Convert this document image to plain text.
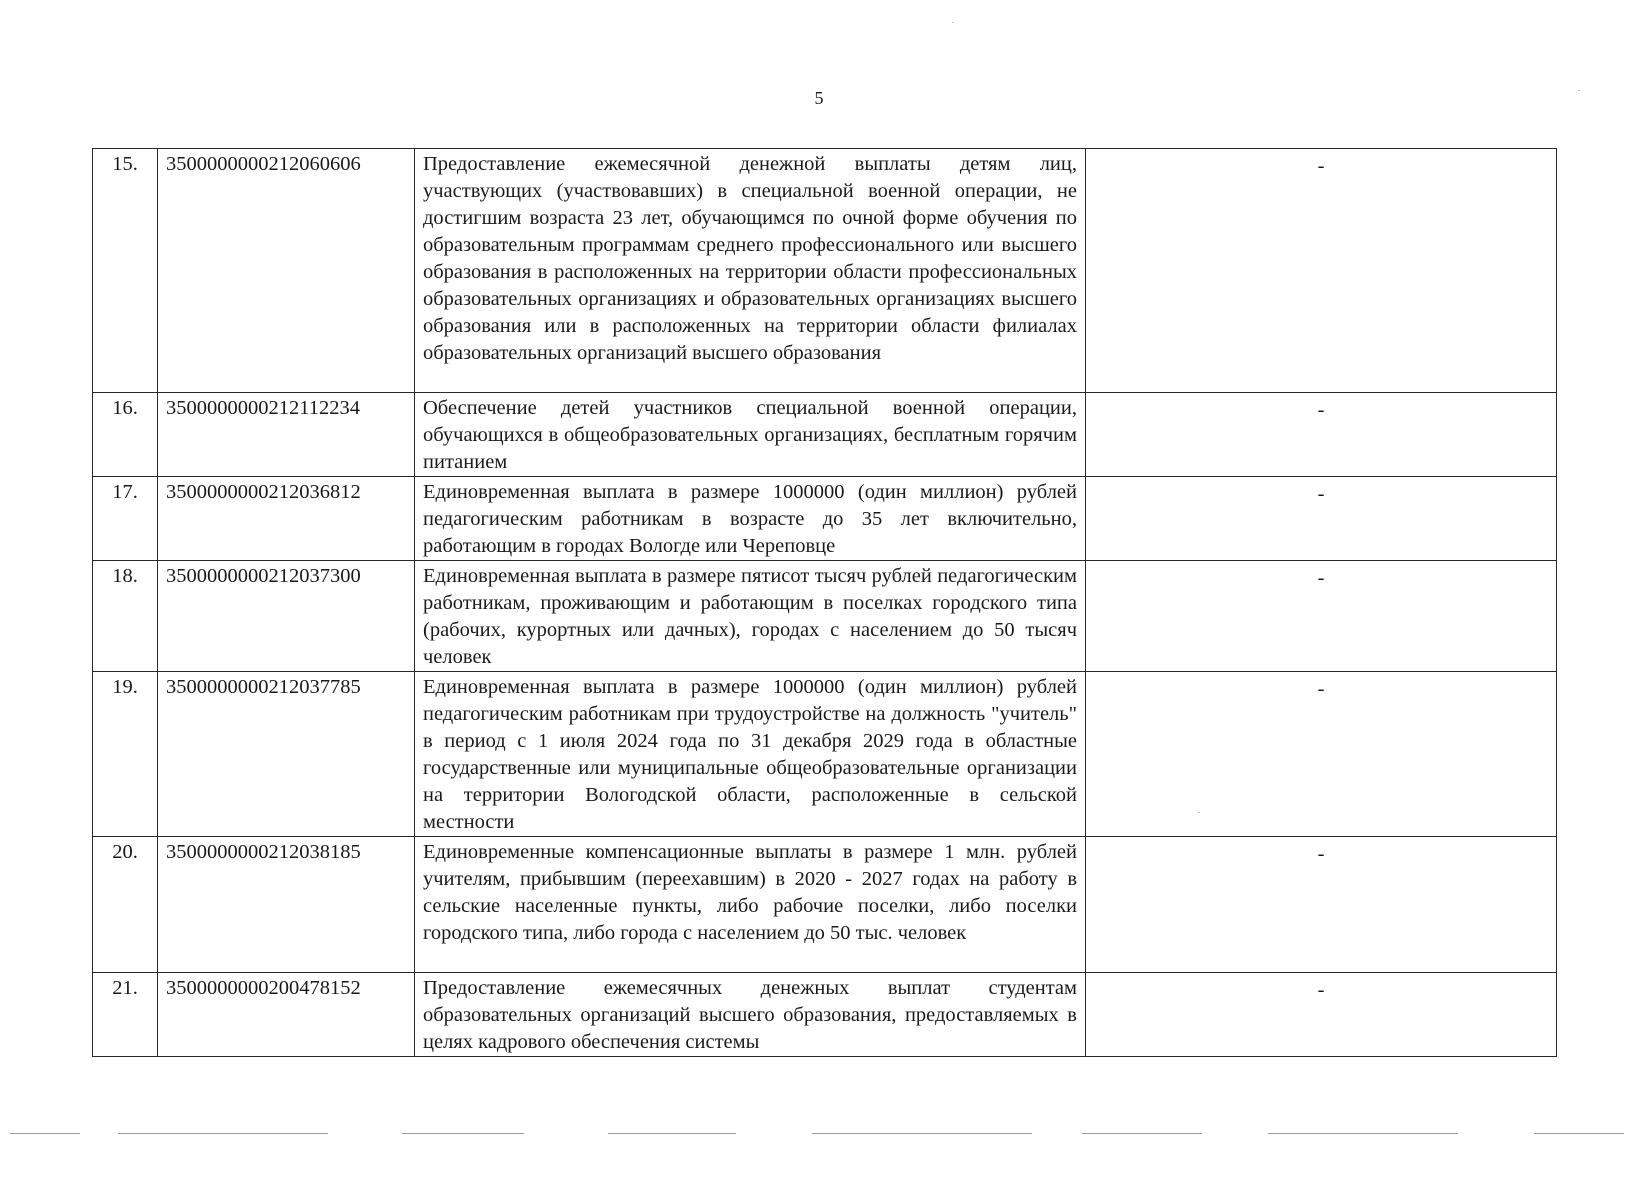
5
15.	3500000000212060606	Предоставление ежемесячной денежной выплаты детям лиц, участвующих (участвовавших) в специальной военной операции, не достигшим возраста 23 лет, обучающимся по очной форме обучения по образовательным программам среднего профессионального или высшего образования в расположенных на территории области профессиональных образовательных организациях и образовательных организациях высшего образования или в расположенных на территории области филиалах образовательных организаций высшего образования	-
16.	3500000000212112234	Обеспечение детей участников специальной военной операции, обучающихся в общеобразовательных организациях, бесплатным горячим питанием	-
17.	3500000000212036812	Единовременная выплата в размере 1000000 (один миллион) рублей педагогическим работникам в возрасте до 35 лет включительно, работающим в городах Вологде или Череповце	-
18.	3500000000212037300	Единовременная выплата в размере пятисот тысяч рублей педагогическим работникам, проживающим и работающим в поселках городского типа (рабочих, курортных или дачных), городах с населением до 50 тысяч человек	-
19.	3500000000212037785	Единовременная выплата в размере 1000000 (один миллион) рублей педагогическим работникам при трудоустройстве на должность "учитель" в период с 1 июля 2024 года по 31 декабря 2029 года в областные государственные или муниципальные общеобразовательные организации на территории Вологодской области, расположенные в сельской местности	-
20.	3500000000212038185	Единовременные компенсационные выплаты в размере 1 млн. рублей учителям, прибывшим (переехавшим) в 2020 - 2027 годах на работу в сельские населенные пункты, либо рабочие поселки, либо поселки городского типа, либо города с населением до 50 тыс. человек	-
21.	3500000000200478152	Предоставление ежемесячных денежных выплат студентам образовательных организаций высшего образования, предоставляемых в целях кадрового обеспечения системы	-
